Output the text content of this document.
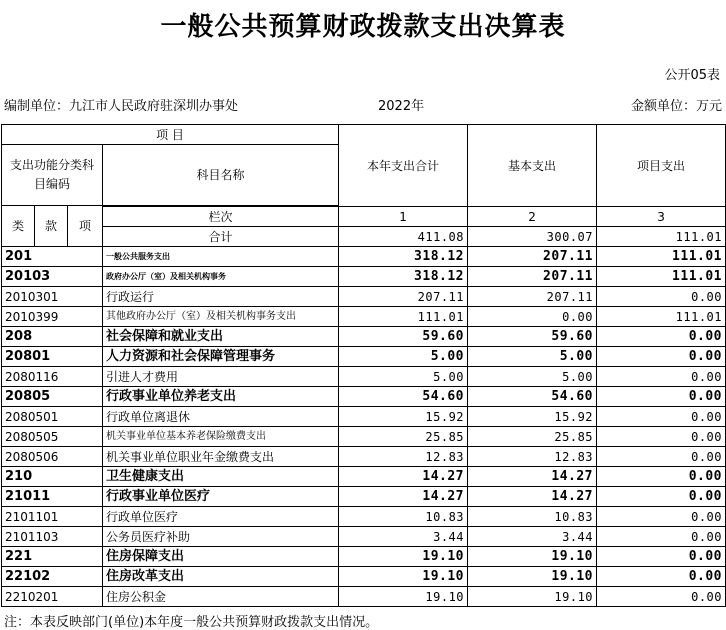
一般公共预算财政拨款支出决算表
公开05表
编制单位：九江市人民政府驻深圳办事处	2022年	金额单位：万元
项 目				本年支出合计	基本支出	项目支出
支出功能分类科目编码			科目名称			
类	款	项				
			栏次	1	2	3
			合计	411.08	300.07	111.01
201			一般公共服务支出	318.12	207.11	111.01
20103			政府办公厅（室）及相关机构事务	318.12	207.11	111.01
2010301			行政运行	207.11	207.11	0.00
2010399			其他政府办公厅（室）及相关机构事务支出	111.01	0.00	111.01
208			社会保障和就业支出	59.60	59.60	0.00
20801			人力资源和社会保障管理事务	5.00	5.00	0.00
2080116			引进人才费用	5.00	5.00	0.00
20805			行政事业单位养老支出	54.60	54.60	0.00
2080501			行政单位离退休	15.92	15.92	0.00
2080505			机关事业单位基本养老保险缴费支出	25.85	25.85	0.00
2080506			机关事业单位职业年金缴费支出	12.83	12.83	0.00
210			卫生健康支出	14.27	14.27	0.00
21011			行政事业单位医疗	14.27	14.27	0.00
2101101			行政单位医疗	10.83	10.83	0.00
2101103			公务员医疗补助	3.44	3.44	0.00
221			住房保障支出	19.10	19.10	0.00
22102			住房改革支出	19.10	19.10	0.00
2210201			住房公积金	19.10	19.10	0.00
注：本表反映部门(单位)本年度一般公共预算财政拨款支出情况。
